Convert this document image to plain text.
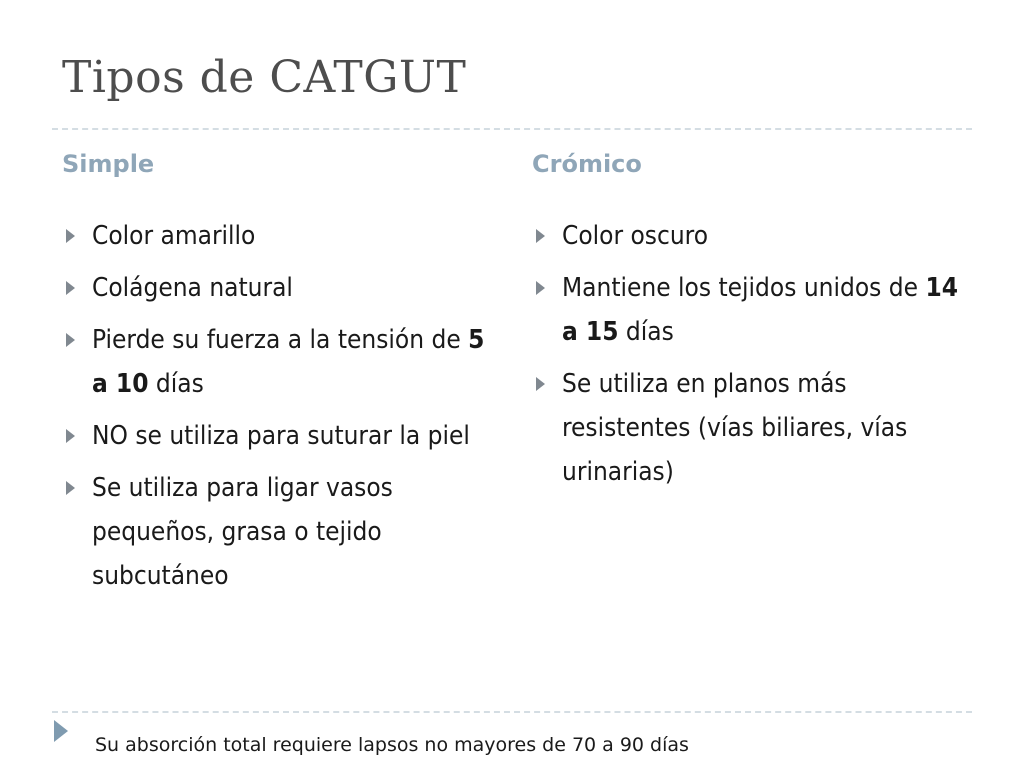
Tipos de CATGUT
Simple	Crómico
Color amarillo
Colágena natural
Pierde su fuerza a la tensión de 5 a 10 días
NO se utiliza para suturar la piel
Se utiliza para ligar vasos pequeños, grasa o tejido subcutáneo
Color oscuro
Mantiene los tejidos unidos de 14 a 15 días
Se utiliza en planos más resistentes (vías biliares, vías urinarias)

Su absorción total requiere lapsos no mayores de 70 a 90 días
